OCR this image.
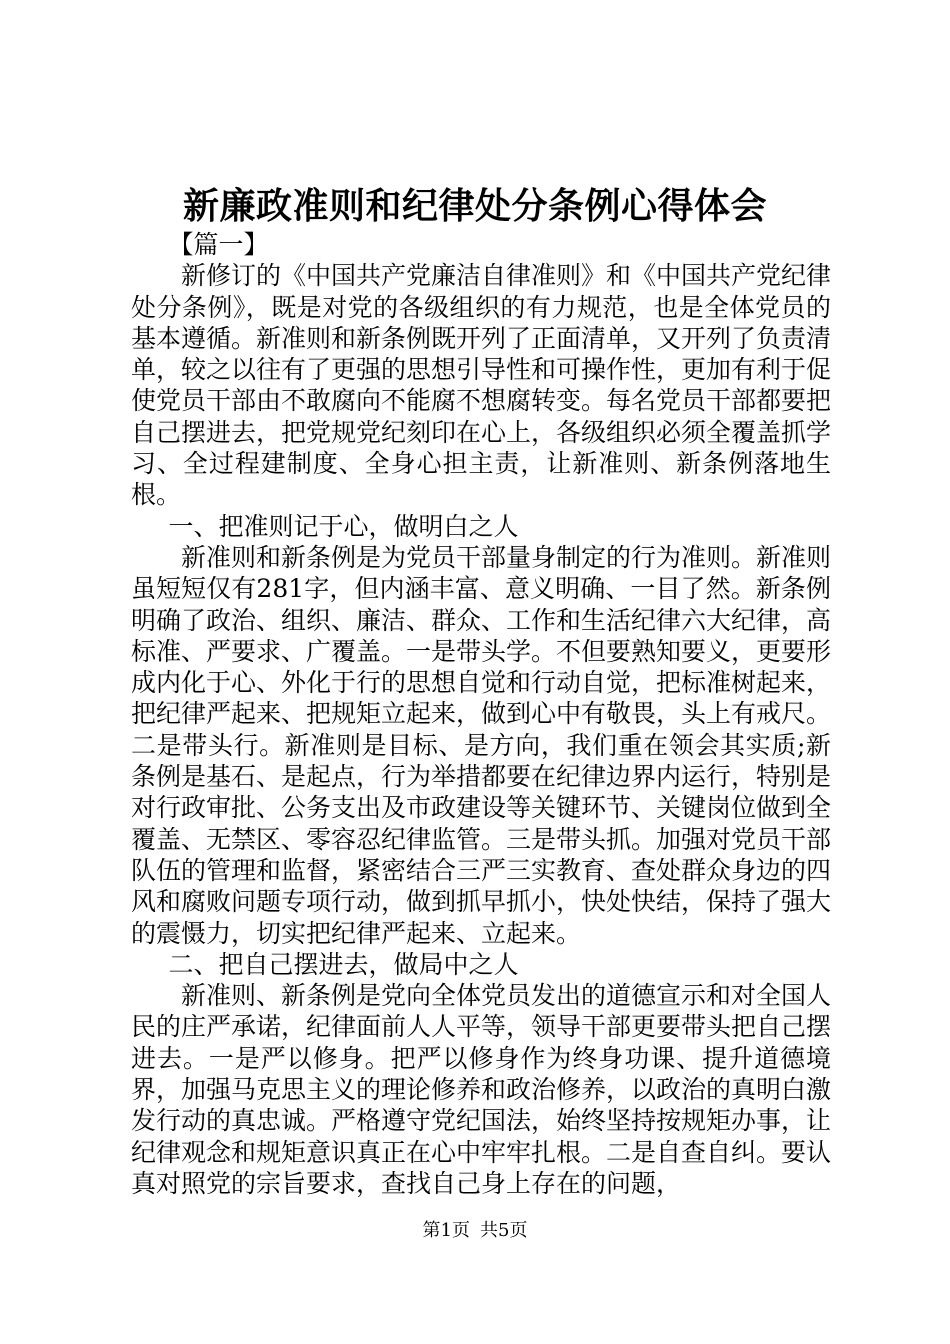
新廉政准则和纪律处分条例心得体会

【篇一】

新修订的《中国共产党廉洁自律准则》和《中国共产党纪律处分条例》，既是对党的各级组织的有力规范，也是全体党员的基本遵循。新准则和新条例既开列了正面清单，又开列了负责清单，较之以往有了更强的思想引导性和可操作性，更加有利于促使党员干部由不敢腐向不能腐不想腐转变。每名党员干部都要把自己摆进去，把党规党纪刻印在心上，各级组织必须全覆盖抓学习、全过程建制度、全身心担主责，让新准则、新条例落地生根。

一、把准则记于心，做明白之人

新准则和新条例是为党员干部量身制定的行为准则。新准则虽短短仅有281字，但内涵丰富、意义明确、一目了然。新条例明确了政治、组织、廉洁、群众、工作和生活纪律六大纪律，高标准、严要求、广覆盖。一是带头学。不但要熟知要义，更要形成内化于心、外化于行的思想自觉和行动自觉，把标准树起来，把纪律严起来、把规矩立起来，做到心中有敬畏，头上有戒尺。二是带头行。新准则是目标、是方向，我们重在领会其实质;新条例是基石、是起点，行为举措都要在纪律边界内运行，特别是对行政审批、公务支出及市政建设等关键环节、关键岗位做到全覆盖、无禁区、零容忍纪律监管。三是带头抓。加强对党员干部队伍的管理和监督，紧密结合三严三实教育、查处群众身边的四风和腐败问题专项行动，做到抓早抓小，快处快结，保持了强大的震慑力，切实把纪律严起来、立起来。

二、把自己摆进去，做局中之人

新准则、新条例是党向全体党员发出的道德宣示和对全国人民的庄严承诺，纪律面前人人平等，领导干部更要带头把自己摆进去。一是严以修身。把严以修身作为终身功课、提升道德境界，加强马克思主义的理论修养和政治修养，以政治的真明白激发行动的真忠诚。严格遵守党纪国法，始终坚持按规矩办事，让纪律观念和规矩意识真正在心中牢牢扎根。二是自查自纠。要认真对照党的宗旨要求，查找自己身上存在的问题，

第1页 共5页
